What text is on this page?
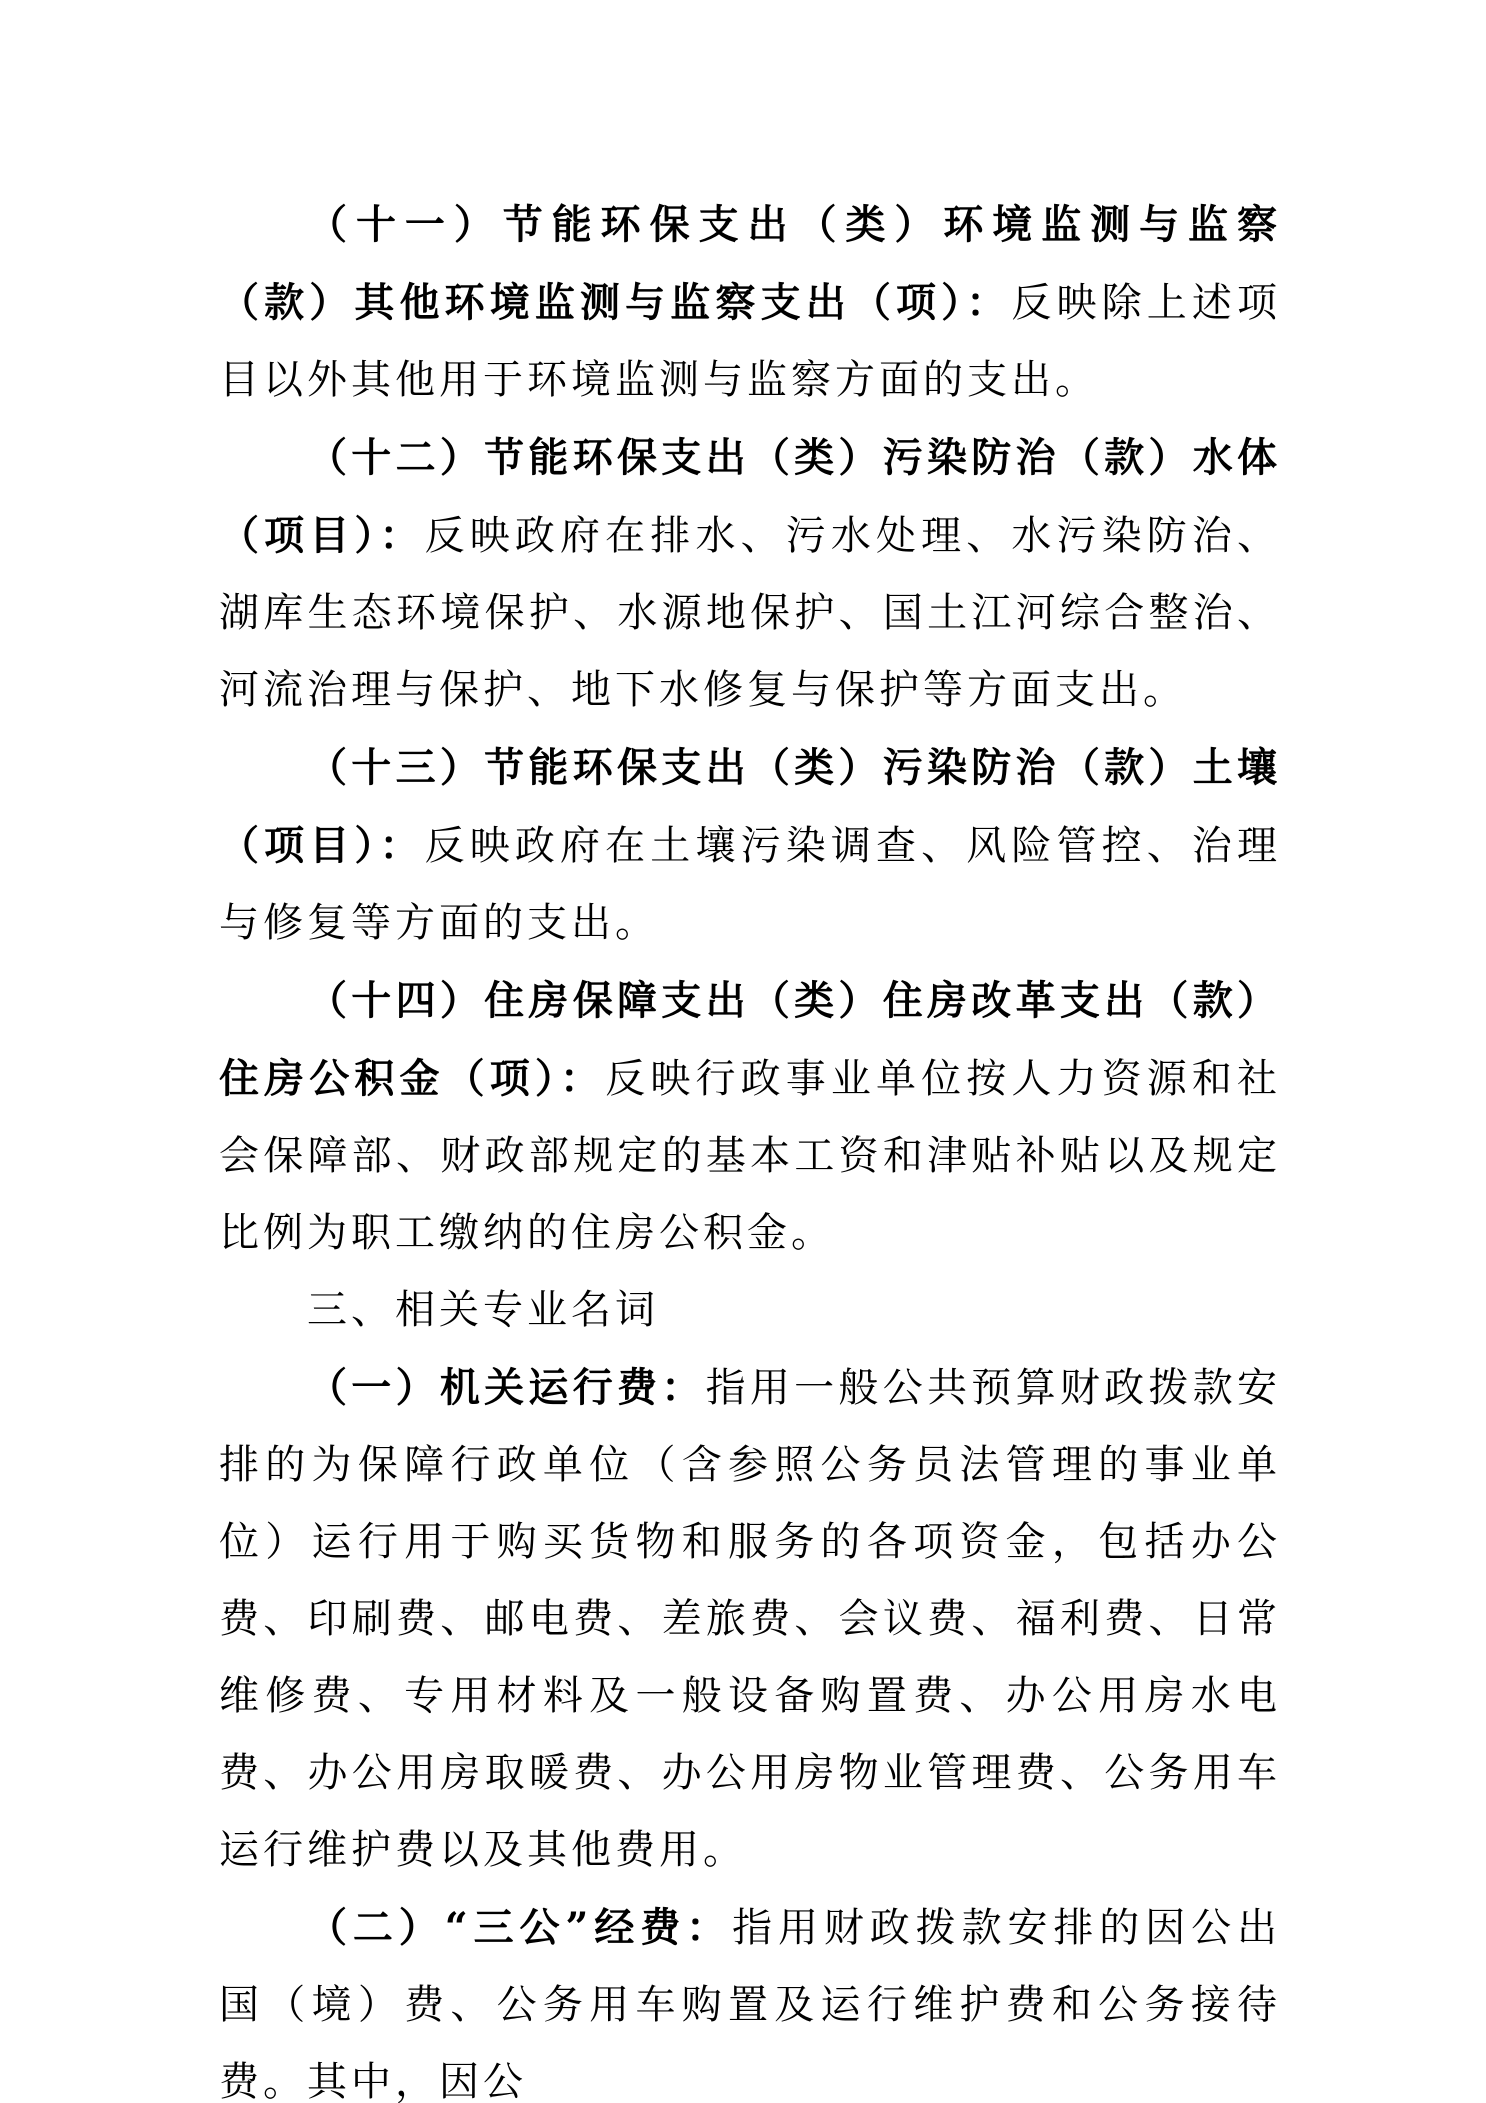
（十一）节能环保支出（类）环境监测与监察（款）其他环境监测与监察支出（项）：反映除上述项目以外其他用于环境监测与监察方面的支出。

（十二）节能环保支出（类）污染防治（款）水体（项目）：反映政府在排水、污水处理、水污染防治、湖库生态环境保护、水源地保护、国土江河综合整治、河流治理与保护、地下水修复与保护等方面支出。

（十三）节能环保支出（类）污染防治（款）土壤（项目）：反映政府在土壤污染调查、风险管控、治理与修复等方面的支出。

（十四）住房保障支出（类）住房改革支出（款）住房公积金（项）：反映行政事业单位按人力资源和社会保障部、财政部规定的基本工资和津贴补贴以及规定比例为职工缴纳的住房公积金。

三、相关专业名词

（一）机关运行费：指用一般公共预算财政拨款安排的为保障行政单位（含参照公务员法管理的事业单位）运行用于购买货物和服务的各项资金，包括办公费、印刷费、邮电费、差旅费、会议费、福利费、日常维修费、专用材料及一般设备购置费、办公用房水电费、办公用房取暖费、办公用房物业管理费、公务用车运行维护费以及其他费用。

（二）“三公”经费：指用财政拨款安排的因公出国（境）费、公务用车购置及运行维护费和公务接待费。其中，因公
